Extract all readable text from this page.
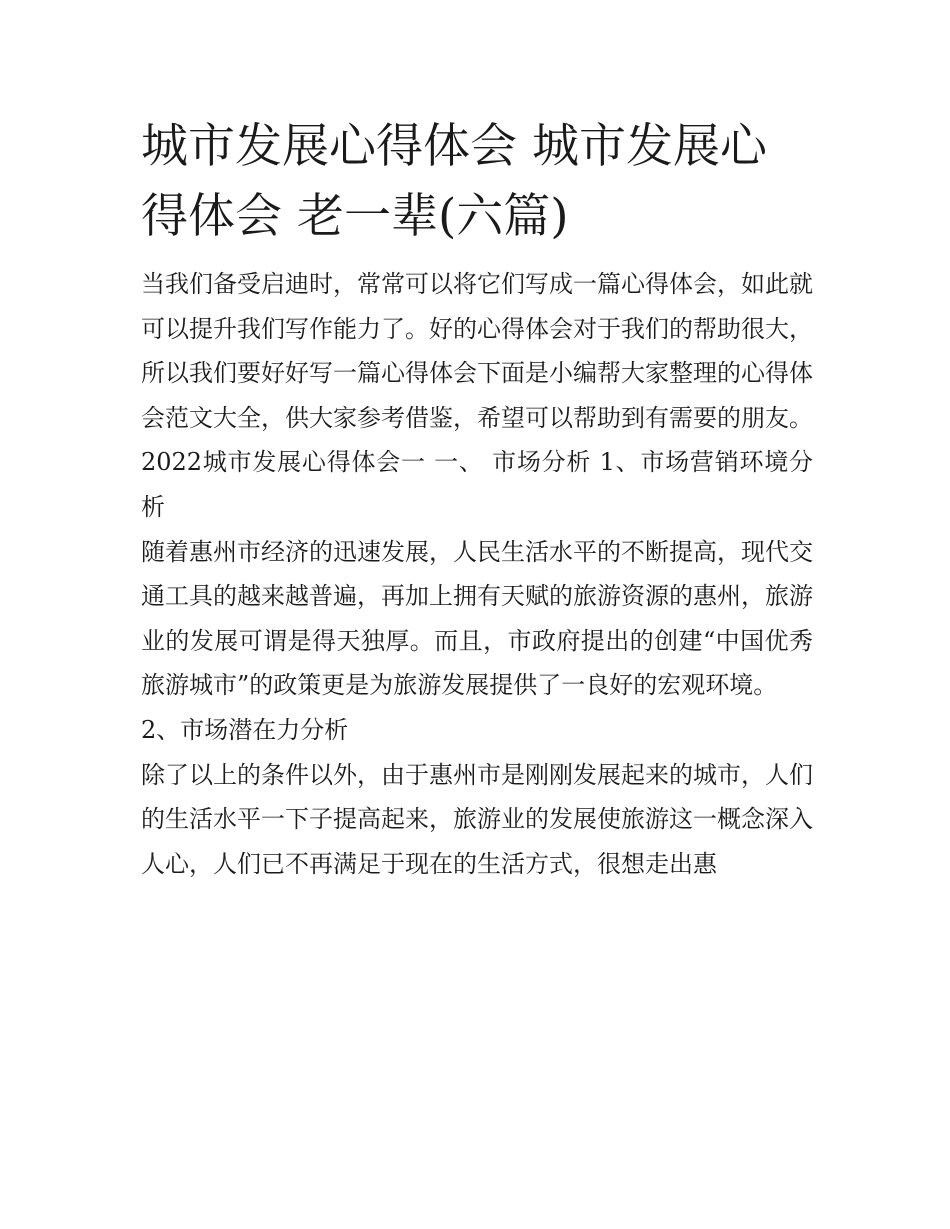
城市发展心得体会 城市发展心得体会 老一辈(六篇)

当我们备受启迪时，常常可以将它们写成一篇心得体会，如此就可以提升我们写作能力了。好的心得体会对于我们的帮助很大，所以我们要好好写一篇心得体会下面是小编帮大家整理的心得体会范文大全，供大家参考借鉴，希望可以帮助到有需要的朋友。

2022城市发展心得体会一 一、 市场分析 1、市场营销环境分析

随着惠州市经济的迅速发展，人民生活水平的不断提高，现代交通工具的越来越普遍，再加上拥有天赋的旅游资源的惠州，旅游业的发展可谓是得天独厚。而且，市政府提出的创建“中国优秀旅游城市”的政策更是为旅游发展提供了一良好的宏观环境。

2、市场潜在力分析

除了以上的条件以外，由于惠州市是刚刚发展起来的城市，人们的生活水平一下子提高起来，旅游业的发展使旅游这一概念深入人心，人们已不再满足于现在的生活方式，很想走出惠
